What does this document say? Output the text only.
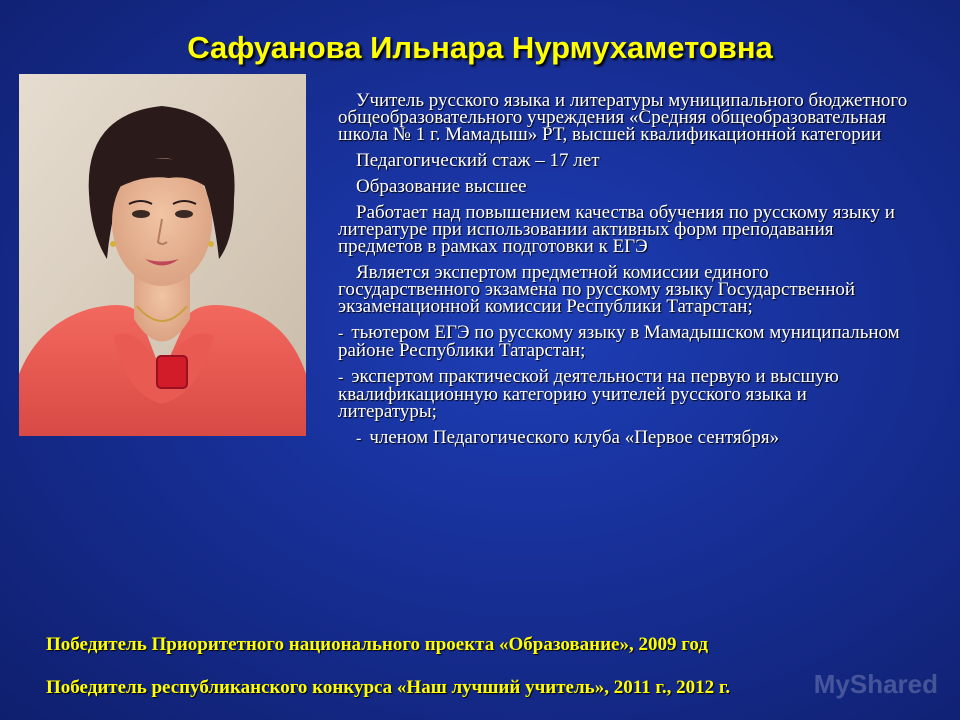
Сафуанова Ильнара Нурмухаметовна

Учитель русского языка и литературы муниципального бюджетного общеобразовательного учреждения «Средняя общеобразовательная школа № 1 г. Мамадыш» РТ, высшей квалификационной категории

Педагогический стаж – 17 лет

Образование высшее

Работает над повышением качества обучения по русскому языку и литературе при использовании активных форм преподавания предметов в рамках подготовки к ЕГЭ

Является экспертом предметной комиссии единого государственного экзамена по русскому языку Государственной экзаменационной комиссии Республики Татарстан;

- тьютером ЕГЭ по русскому языку в Мамадышском муниципальном районе Республики Татарстан;

- экспертом практической деятельности на первую и высшую квалификационную категорию учителей русского языка и литературы;

- членом Педагогического клуба «Первое сентября»

Победитель Приоритетного национального проекта «Образование», 2009 год
Победитель республиканского конкурса «Наш лучший учитель», 2011 г., 2012 г.	MyShared
